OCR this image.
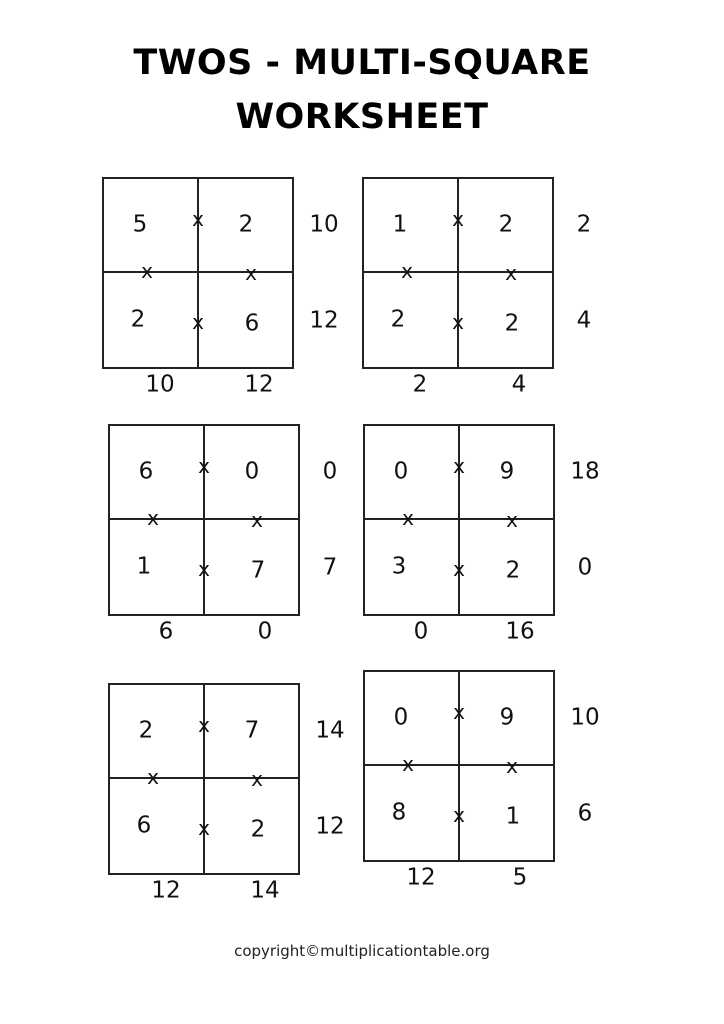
TWOS - MULTI-SQUARE
WORKSHEET
5	2
2	6
x
x
x	x
10
12
10	12
1	2
2	2
x
x
x	x
2
4
2	4
6	0
1	7
x
x
x	x
0
7
6	0
0	9
3	2
x
x
x	x
18
0
0	16
2	7
6	2
x
x
x	x
14
12
12	14
0	9
8	1
x
x
x	x
10
6
12	5
copyright©multiplicationtable.org
